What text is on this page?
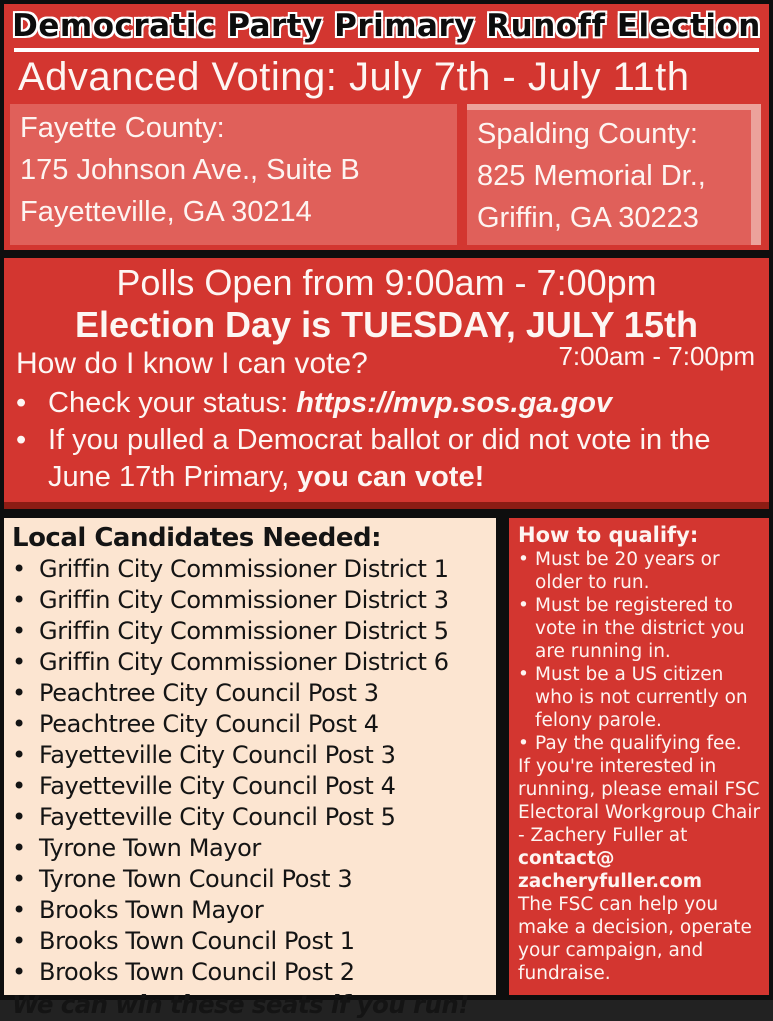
Democratic Party Primary Runoff Election
Advanced Voting: July 7th - July 11th
Fayette County:
175 Johnson Ave., Suite B
Fayetteville, GA 30214
Spalding County:
825 Memorial Dr.,
Griffin, GA 30223
Polls Open from 9:00am - 7:00pm
Election Day is TUESDAY, JULY 15th
How do I know I can vote?	7:00am - 7:00pm
• Check your status: https://mvp.sos.ga.gov
• If you pulled a Democrat ballot or did not vote in the June 17th Primary, you can vote!
Local Candidates Needed:
• Griffin City Commissioner District 1
• Griffin City Commissioner District 3
• Griffin City Commissioner District 5
• Griffin City Commissioner District 6
• Peachtree City Council Post 3
• Peachtree City Council Post 4
• Fayetteville City Council Post 3
• Fayetteville City Council Post 4
• Fayetteville City Council Post 5
• Tyrone Town Mayor
• Tyrone Town Council Post 3
• Brooks Town Mayor
• Brooks Town Council Post 1
• Brooks Town Council Post 2
We can win these seats if you run!
How to qualify:
• Must be 20 years or older to run.
• Must be registered to vote in the district you are running in.
• Must be a US citizen who is not currently on felony parole.
• Pay the qualifying fee.
If you're interested in running, please email FSC Electoral Workgroup Chair - Zachery Fuller at
contact@
zacheryfuller.com
The FSC can help you make a decision, operate your campaign, and fundraise.
